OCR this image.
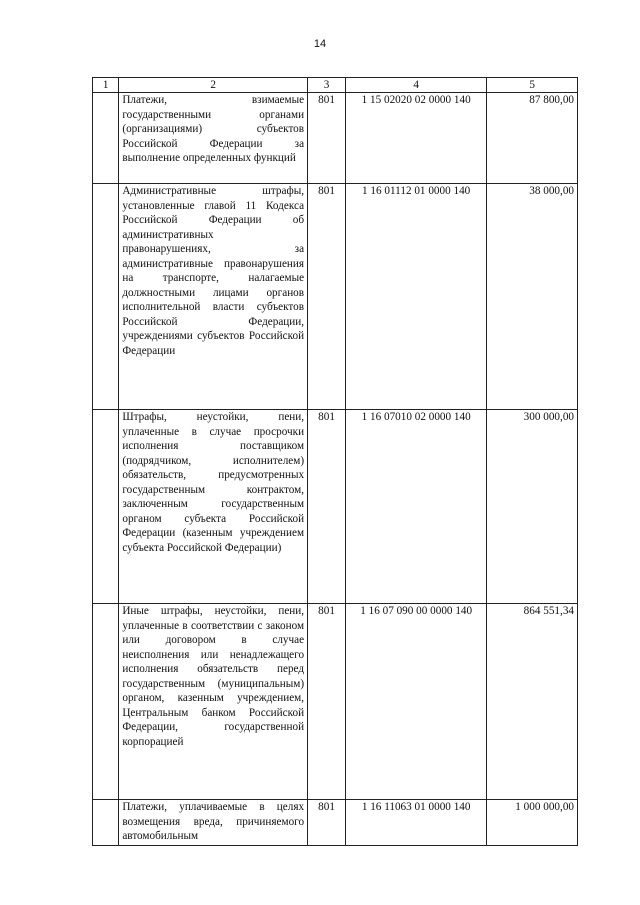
14
1	2	3	4	5
	Платежи, взимаемые государственными органами (организациями) субъектов Российской Федерации за выполнение определенных функций	801	1 15 02020 02 0000 140	87 800,00
	Административные штрафы, установленные главой 11 Кодекса Российской Федерации об административных правонарушениях, за административные правонарушения на транспорте, налагаемые должностными лицами органов исполнительной власти субъектов Российской Федерации, учреждениями субъектов Российской Федерации	801	1 16 01112 01 0000 140	38 000,00
	Штрафы, неустойки, пени, уплаченные в случае просрочки исполнения поставщиком (подрядчиком, исполнителем) обязательств, предусмотренных государственным контрактом, заключенным государственным органом субъекта Российской Федерации (казенным учреждением субъекта Российской Федерации)	801	1 16 07010 02 0000 140	300 000,00
	Иные штрафы, неустойки, пени, уплаченные в соответствии с законом или договором в случае неисполнения или ненадлежащего исполнения обязательств перед государственным (муниципальным) органом, казенным учреждением, Центральным банком Российской Федерации, государственной корпорацией	801	1 16 07 090 00 0000 140	864 551,34
	Платежи, уплачиваемые в целях возмещения вреда, причиняемого автомобильным	801	1 16 11063 01 0000 140	1 000 000,00
